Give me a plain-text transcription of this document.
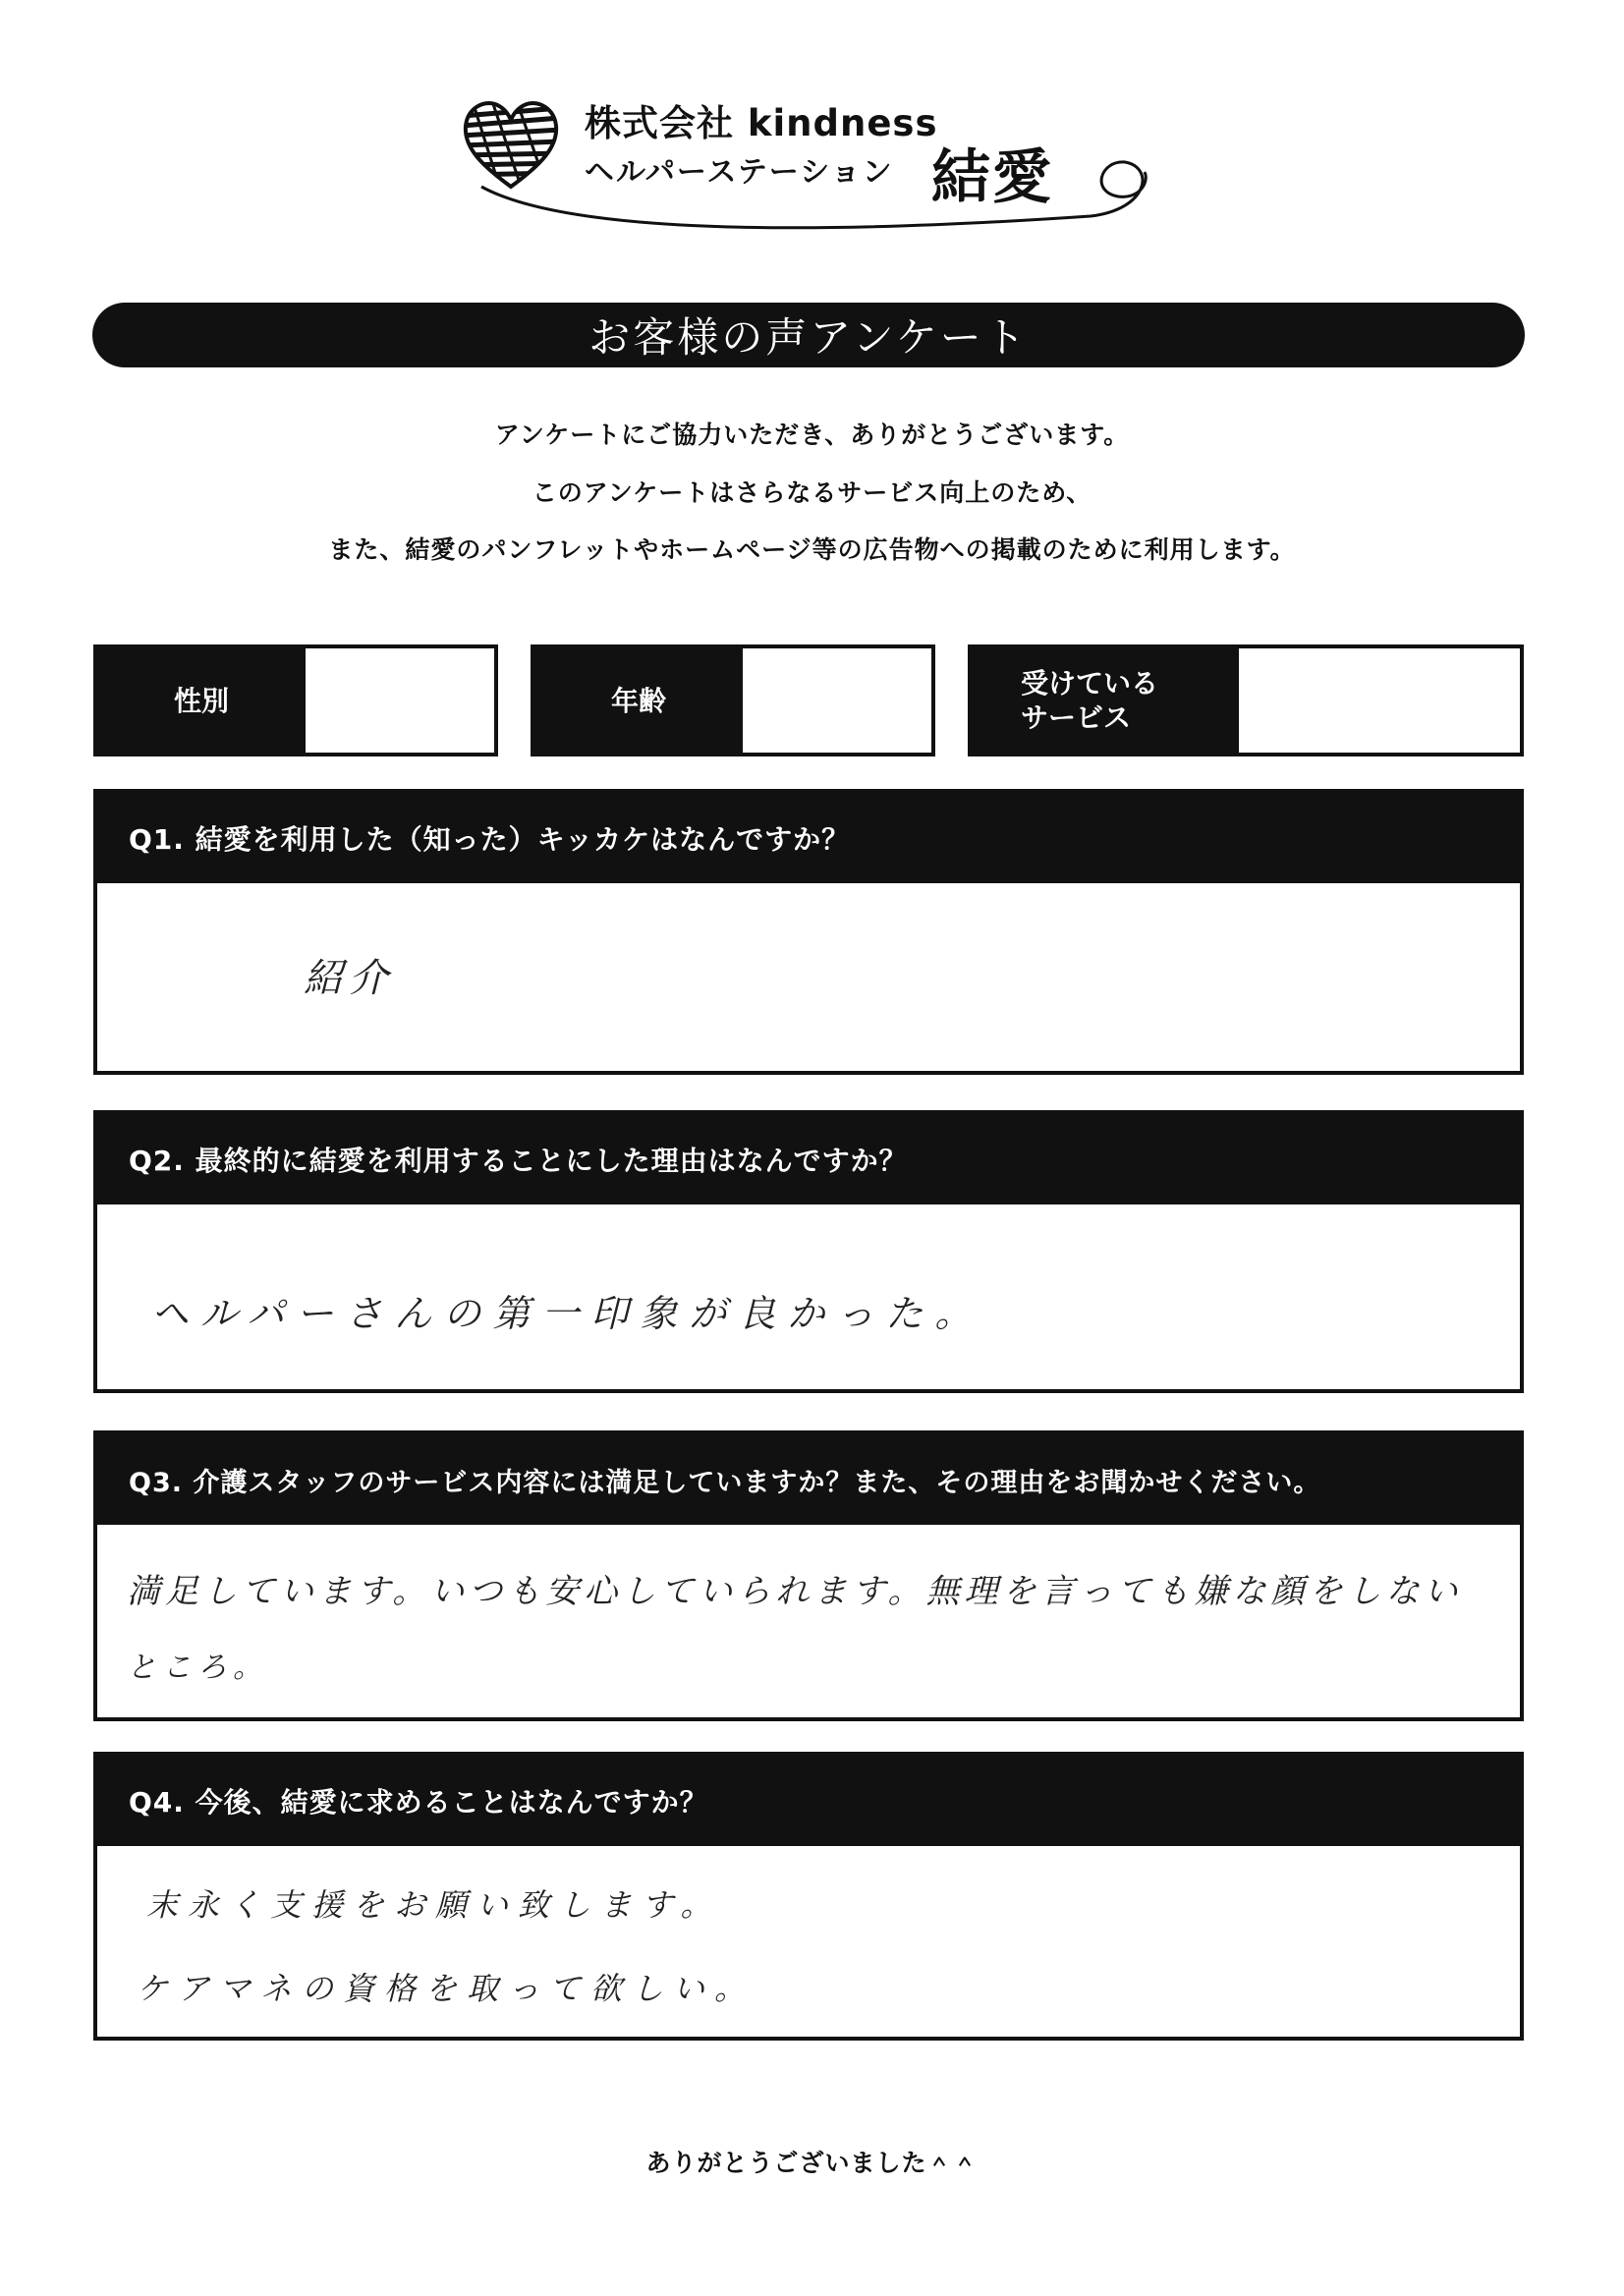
株式会社 kindness
ヘルパーステーション 結愛
お客様の声アンケート
アンケートにご協力いただき、ありがとうございます。
このアンケートはさらなるサービス向上のため、
また、結愛のパンフレットやホームページ等の広告物への掲載のために利用します。
性別	年齢
受けている
サービス
Q1. 結愛を利用した（知った）キッカケはなんですか？
紹介
Q2. 最終的に結愛を利用することにした理由はなんですか？
ヘルパーさんの第一印象が良かった。
Q3. 介護スタッフのサービス内容には満足していますか？また、その理由をお聞かせください。
満足しています。いつも安心していられます。無理を言っても嫌な顔をしない
ところ。
Q4. 今後、結愛に求めることはなんですか？
末永く支援をお願い致します。
ケアマネの資格を取って欲しい。
ありがとうございました＾＾
